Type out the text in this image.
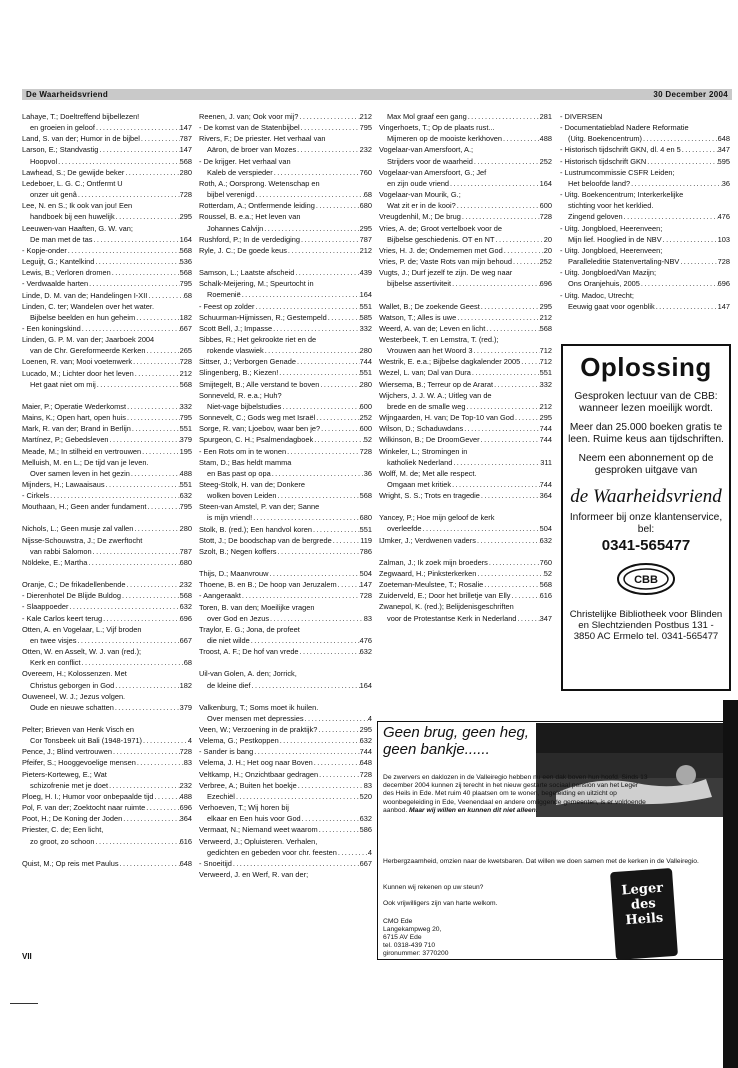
De Waarheidsvriend	30 December 2004
Lahaye, T.; Doeltreffend bijbellezen!
en groeien in geloof .....	147
Land, S. van der; Humor in de bijbel .....	787
Larson, E.; Standvastig .....	147
Hoopvol .....	568
Lawhead, S.; De gewijde beker .....	280
Ledeboer, L. G. C.; Ontfermt U
onzer uit genâ .....	728
Lee, N. en S.; Ik ook van jou! Een
handboek bij een huwelijk .....	295
Leeuwen-van Haaften, G. W. van;
De man met de tas .....	164
- Kopje-onder .....	568
Leguijt, G.; Kantelkind .....	536
Lewis, B.; Verloren dromen .....	568
- Verdwaalde harten .....	795
Linde, D. M. van de; Handelingen I-XII .....	68
Linden, C. ter; Wandelen over het water.
Bijbelse beelden en hun geheim .....	182
- Een koningskind .....	667
Linden, G. P. M. van der; Jaarboek 2004
van de Chr. Gereformeerde Kerken .....	265
Loenen, R. van; Mooi voetenwerk .....	728
Lucado, M.; Lichter door het leven .....	212
Het gaat niet om mij .....	568
Maier, P.; Operatie Wederkomst .....	332
Mains, K.; Open hart, open huis .....	795
Mark, R. van der; Brand in Berlijn .....	551
Martínez, P.; Gebedsleven .....	379
Meade, M.; In stilheid en vertrouwen .....	195
Melluish, M. en L.; De tijd van je leven.
Over samen leven in het gezin .....	488
Mijnders, H.; Lawaaisaus .....	551
- Cirkels .....	632
Mouthaan, H.; Geen ander fundament .....	795
Nichols, L.; Geen musje zal vallen .....	280
Nijsse-Schouwstra, J.; De zwerftocht
van rabbi Salomon .....	787
Nöldeke, E.; Martha .....	680
Oranje, C.; De frikadellenbende .....	232
- Dierenhotel De Blijde Buldog .....	568
- Slaappoeder .....	632
- Kale Carlos keert terug .....	696
Otten, A. en Vogelaar, L.; Vijf broden
en twee visjes .....	667
Otten, W. en Asselt, W. J. van (red.);
Kerk en conflict .....	68
Overeem, H.; Kolossenzen. Met
Christus geborgen in God .....	182
Ouweneel, W. J.; Jezus volgen.
Oude en nieuwe schatten .....	379
Pelter; Brieven van Henk Visch en
Cor Tonsbeek uit Bali (1948-1971) .....	4
Pence, J.; Blind vertrouwen .....	728
Pfeifer, S.; Hooggevoelige mensen .....	83
Pieters-Korteweg, E.; Wat
schizofrenie met je doet .....	232
Ploeg, H. I.; Humor voor onbepaalde tijd .....	488
Pol, F. van der; Zoektocht naar ruimte .....	696
Poot, H.; De Koning der Joden .....	364
Priester, C. de; Een licht,
zo groot, zo schoon .....	616
Quist, M.; Op reis met Paulus .....	648
Reenen, J. van; Ook voor mij? .....	212
- De komst van de Statenbijbel .....	795
Rivers, F.; De priester. Het verhaal van
Aäron, de broer van Mozes .....	232
- De krijger. Het verhaal van
Kaleb de verspieder .....	760
Roth, A.; Oorsprong. Wetenschap en
bijbel verenigd .....	68
Rotterdam, A.; Ontfermende leiding .....	680
Roussel, B. e.a.; Het leven van
Johannes Calvijn .....	295
Rushford, P.; In de verdediging .....	787
Ryle, J. C.; De goede keus .....	212
Samson, L.; Laatste afscheid .....	439
Schalk-Meijering, M.; Speurtocht in
Roemenië .....	164
- Feest op zolder .....	551
Schuurman-Hijmissen, R.; Gestempeld .....	585
Scott Bell, J.; Impasse .....	332
Sibbes, R.; Het gekrookte riet en de
rokende vlaswiek .....	280
Sittser, J.; Verborgen Genade .....	744
Slingenberg, B.; Kiezen! .....	551
Smijtegelt, B.; Alle verstand te boven .....	280
Sonneveld, R. e.a.; Huh?
Niet-vage bijbelstudies .....	600
Sonnevelt, C.; Gods weg met Israël .....	252
Sorge, R. van; Ljoebov, waar ben je? .....	600
Spurgeon, C. H.; Psalmendagboek .....	52
- Een Rots om in te wonen .....	728
Stam, D.; Bas heldt mamma
en Bas past op opa .....	36
Steeg-Stolk, H. van de; Donkere
wolken boven Leiden .....	568
Steen-van Amstel, P. van der; Sanne
is mijn vriend! .....	680
Stolk, B. (red.); Een handvol koren .....	551
Stott, J.; De boodschap van de bergrede .....	119
Szolt, B.; Negen koffers .....	786
Thijs, D.; Maanvrouw .....	504
Thoene, B. en B.; De hoop van Jeruzalem .....	147
- Aangeraakt .....	728
Toren, B. van den; Moeilijke vragen
over God en Jezus .....	83
Traylor, E. G.; Jona, de profeet
die niet wilde .....	476
Troost, A. F.; De hof van vrede .....	632
Uil-van Golen, A. den; Jorrick,
de kleine dief .....	164
Valkenburg, T.; Soms moet ik huilen.
Over mensen met depressies .....	4
Veen, W.; Verzoening in de praktijk? .....	295
Velema, G.; Pestkoppen .....	632
- Sander is bang .....	744
Velema, J. H.; Het oog naar Boven .....	648
Veltkamp, H.; Onzichtbaar gedragen .....	728
Verbree, A.; Buiten het boekje .....	83
Ezechiël .....	520
Verhoeven, T.; Wij horen bij
elkaar en Een huis voor God .....	632
Vermaat, N.; Niemand weet waarom .....	586
Verweerd, J.; Opluisteren. Verhalen,
gedichten en gebeden voor chr. feesten .....	4
- Snoeitijd .....	667
Verweerd, J. en Werf, R. van der;
Max Mol graaf een gang .....	281
Vingerhoets, T.; Op de plaats rust...
Mijmeren op de mooiste kerkhoven .....	488
Vogelaar-van Amersfoort, A.;
Strijders voor de waarheid .....	252
Vogelaar-van Amersfoort, G.; Jef
en zijn oude vriend .....	164
Vogelaar-van Mourik, G.;
Wat zit er in de kooi? .....	600
Vreugdenhil, M.; De brug .....	728
Vries, A. de; Groot vertelboek voor de
Bijbelse geschiedenis. OT en NT .....	20
Vries, H. J. de; Ondernemen met God .....	20
Vries, P. de; Vaste Rots van mijn behoud .....	252
Vugts, J.; Durf jezelf te zijn. De weg naar
bijbelse assertiviteit .....	696
Wallet, B.; De zoekende Geest .....	295
Watson, T.; Alles is uwe .....	212
Weerd, A. van de; Leven en licht .....	568
Westerbeek, T. en Lemstra, T. (red.);
Vrouwen aan het Woord 3 .....	712
Westrik, E. e.a.; Bijbelse dagkalender 2005 .....	712
Wezel, L. van; Dal van Dura .....	551
Wiersema, B.; Terreur op de Ararat .....	332
Wijchers, J. J. W. A.; Uitleg van de
brede en de smalle weg .....	212
Wijngaarden, H. van; De Top-10 van God .....	295
Wilson, D.; Schaduwdans .....	744
Wilkinson, B.; De DroomGever .....	744
Winkeler, L.; Stromingen in
katholiek Nederland .....	311
Wolff, M. de; Met alle respect.
Omgaan met kritiek .....	744
Wright, S. S.; Trots en tragedie .....	364
Yancey, P.; Hoe mijn geloof de kerk
overleefde .....	504
IJmker, J.; Verdwenen vaders .....	632
Zalman, J.; Ik zoek mijn broeders .....	760
Zegwaard, H.; Pinksterkerken .....	52
Zoeteman-Meulstee, T.; Rosalie .....	568
Zuiderveld, E.; Door het brilletje van Elly .....	616
Zwanepol, K. (red.); Belijdenisgeschriften
voor de Protestantse Kerk in Nederland .....	347
- DIVERSEN
- Documentatieblad Nadere Reformatie
(Uitg. Boekencentrum) .....	648
- Historisch tijdschrift GKN, dl. 4 en 5 .....	347
- Historisch tijdschrift GKN .....	595
- Lustrumcommissie CSFR Leiden;
Het beloofde land? .....	36
- Uitg. Boekencentrum; Interkerkelijke
stichting voor het kerklied.
Zingend geloven .....	476
- Uitg. Jongbloed, Heerenveen;
Mijn lief. Hooglied in de NBV .....	103
- Uitg. Jongbloed, Heerenveen;
Paralleleditie Statenvertaling-NBV .....	728
- Uitg. Jongbloed/Van Mazijn;
Ons Oranjehuis, 2005 .....	696
- Uitg. Madoc, Utrecht;
Eeuwig gaat voor ogenblik .....	147
Oplossing

Gesproken lectuur van de CBB: wanneer lezen moeilijk wordt.

Meer dan 25.000 boeken gratis te leen. Ruime keus aan tijdschriften.

Neem een abonnement op de gesproken uitgave van

de Waarheidsvriend

Informeer bij onze klantenservice, bel:

0341-565477
CBB

Christelijke Bibliotheek voor Blinden en Slechtzienden Postbus 131 - 3850 AC Ermelo tel. 0341-565477

Geen brug, geen heg,
geen bankje......
De zwervers en daklozen in de Valleiregio hebben nu een dak boven hun hoofd. Sinds 13 december 2004 kunnen zij terecht in het nieuw gestarte sociaal pension van het Leger des Heils in Ede. Met ruim 40 plaatsen om te wonen, begeleiding en uitzicht op woonbegeleiding in Ede, Veenendaal en andere omliggende gemeenten, is er voldoende aanbod. Maar wij willen en kunnen dit niet alleen.
Herbergzaamheid, omzien naar de kwetsbaren. Dat willen we doen samen met de kerken in de Valleiregio.
Kunnen wij rekenen op uw steun?
Ook vrijwilligers zijn van harte welkom.
CMO Ede
Langekampweg 20,
6715 AV Ede
tel. 0318-439 710
gironummer: 3770200
Leger des Heils
VII
